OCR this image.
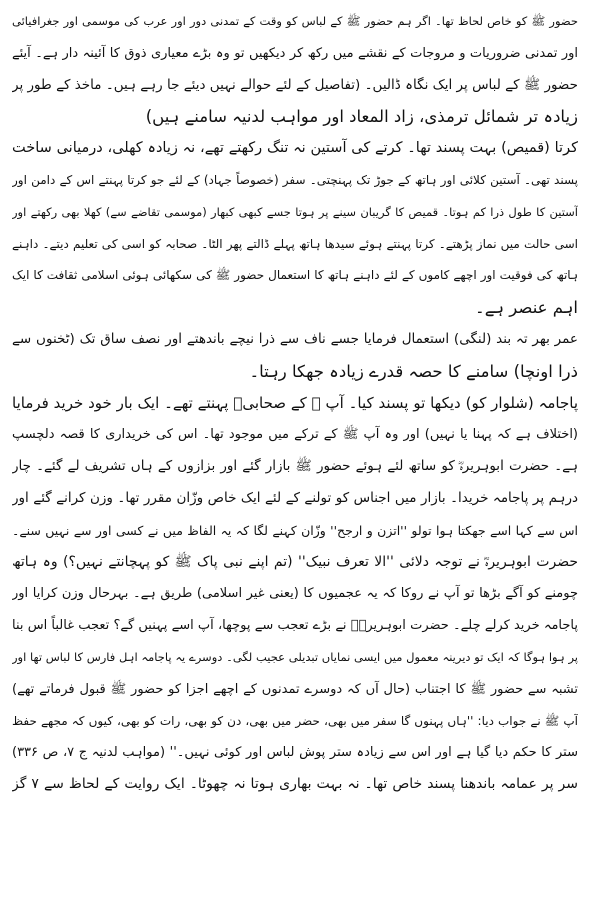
حضور ﷺ کو خاص لحاظ تھا۔ اگر ہم حضور ﷺ کے لباس کو وقت کے تمدنی دور اور عرب کی موسمی اور جغرافیائی
اور تمدنی ضروریات و مروجات کے نقشے میں رکھ کر دیکھیں تو وہ بڑے معیاری ذوق کا آئینہ دار ہے۔ آیئے
حضور ﷺ کے لباس پر ایک نگاہ ڈالیں۔ (تفاصیل کے لئے حوالے نہیں دیئے جا رہے ہیں۔ ماخذ کے طور پر
زیادہ تر شمائل ترمذی، زاد المعاد اور مواہب لدنیہ سامنے ہیں)
کرتا (قمیص) بہت پسند تھا۔ کرتے کی آستین نہ تنگ رکھتے تھے، نہ زیادہ کھلی، درمیانی ساخت
پسند تھی۔ آستین کلائی اور ہاتھ کے جوڑ تک پہنچتی۔ سفر (خصوصاً جہاد) کے لئے جو کرتا پہنتے اس کے دامن اور
آستین کا طول ذرا کم ہوتا۔ قمیص کا گریبان سینے پر ہوتا جسے کبھی کبھار (موسمی تقاضے سے) کھلا بھی رکھتے اور
اسی حالت میں نماز پڑھتے۔ کرتا پہنتے ہوئے سیدھا ہاتھ پہلے ڈالتے پھر الٹا۔ صحابہ کو اسی کی تعلیم دیتے۔ داہنے
ہاتھ کی فوقیت اور اچھے کاموں کے لئے داہنے ہاتھ کا استعمال حضور ﷺ کی سکھائی ہوئی اسلامی ثقافت کا ایک
اہم عنصر ہے۔
عمر بھر تہ بند (لنگی) استعمال فرمایا جسے ناف سے ذرا نیچے باندھتے اور نصف ساق تک (ٹخنوں سے
ذرا اونچا) سامنے کا حصہ قدرے زیادہ جھکا رہتا۔
پاجامہ (شلوار کو) دیکھا تو پسند کیا۔ آپ ﷺ کے صحابیؓ پہنتے تھے۔ ایک بار خود خرید فرمایا
(اختلاف ہے کہ پہنا یا نہیں) اور وہ آپ ﷺ کے ترکے میں موجود تھا۔ اس کی خریداری کا قصہ دلچسپ
ہے۔ حضرت ابوہریرہؓ کو ساتھ لئے ہوئے حضور ﷺ بازار گئے اور بزازوں کے ہاں تشریف لے گئے۔ چار
درہم پر پاجامہ خریدا۔ بازار میں اجناس کو تولنے کے لئے ایک خاص وزّان مقرر تھا۔ وزن کرانے گئے اور
اس سے کہا اسے جھکتا ہوا تولو ''اتزن و ارجح'' وزّان کہنے لگا کہ یہ الفاظ میں نے کسی اور سے نہیں سنے۔
حضرت ابوہریرہؓ نے توجہ دلائی ''الا تعرف نبیک'' (تم اپنے نبی پاک ﷺ کو پہچانتے نہیں؟) وہ ہاتھ
چومنے کو آگے بڑھا تو آپ نے روکا کہ یہ عجمیوں کا (یعنی غیر اسلامی) طریق ہے۔ بہرحال وزن کرایا اور
پاجامہ خرید کرلے چلے۔ حضرت ابوہریرہؓ نے بڑے تعجب سے پوچھا، آپ اسے پہنیں گے؟ تعجب غالباً اس بنا
پر ہوا ہوگا کہ ایک تو دیرینہ معمول میں ایسی نمایاں تبدیلی عجیب لگی۔ دوسرے یہ پاجامہ اہل فارس کا لباس تھا اور
تشبہ سے حضور ﷺ کا اجتناب (حال آں کہ دوسرے تمدنوں کے اچھے اجزا کو حضور ﷺ قبول فرماتے تھے)
آپ ﷺ نے جواب دیا: ''ہاں پہنوں گا سفر میں بھی، حضر میں بھی، دن کو بھی، رات کو بھی، کیوں کہ مجھے حفظ
ستر کا حکم دیا گیا ہے اور اس سے زیادہ ستر پوش لباس اور کوئی نہیں۔'' (مواہب لدنیہ ج ۷، ص ۳۳۶)
سر پر عمامہ باندھنا پسند خاص تھا۔ نہ بہت بھاری ہوتا نہ چھوٹا۔ ایک روایت کے لحاظ سے ۷ گز
